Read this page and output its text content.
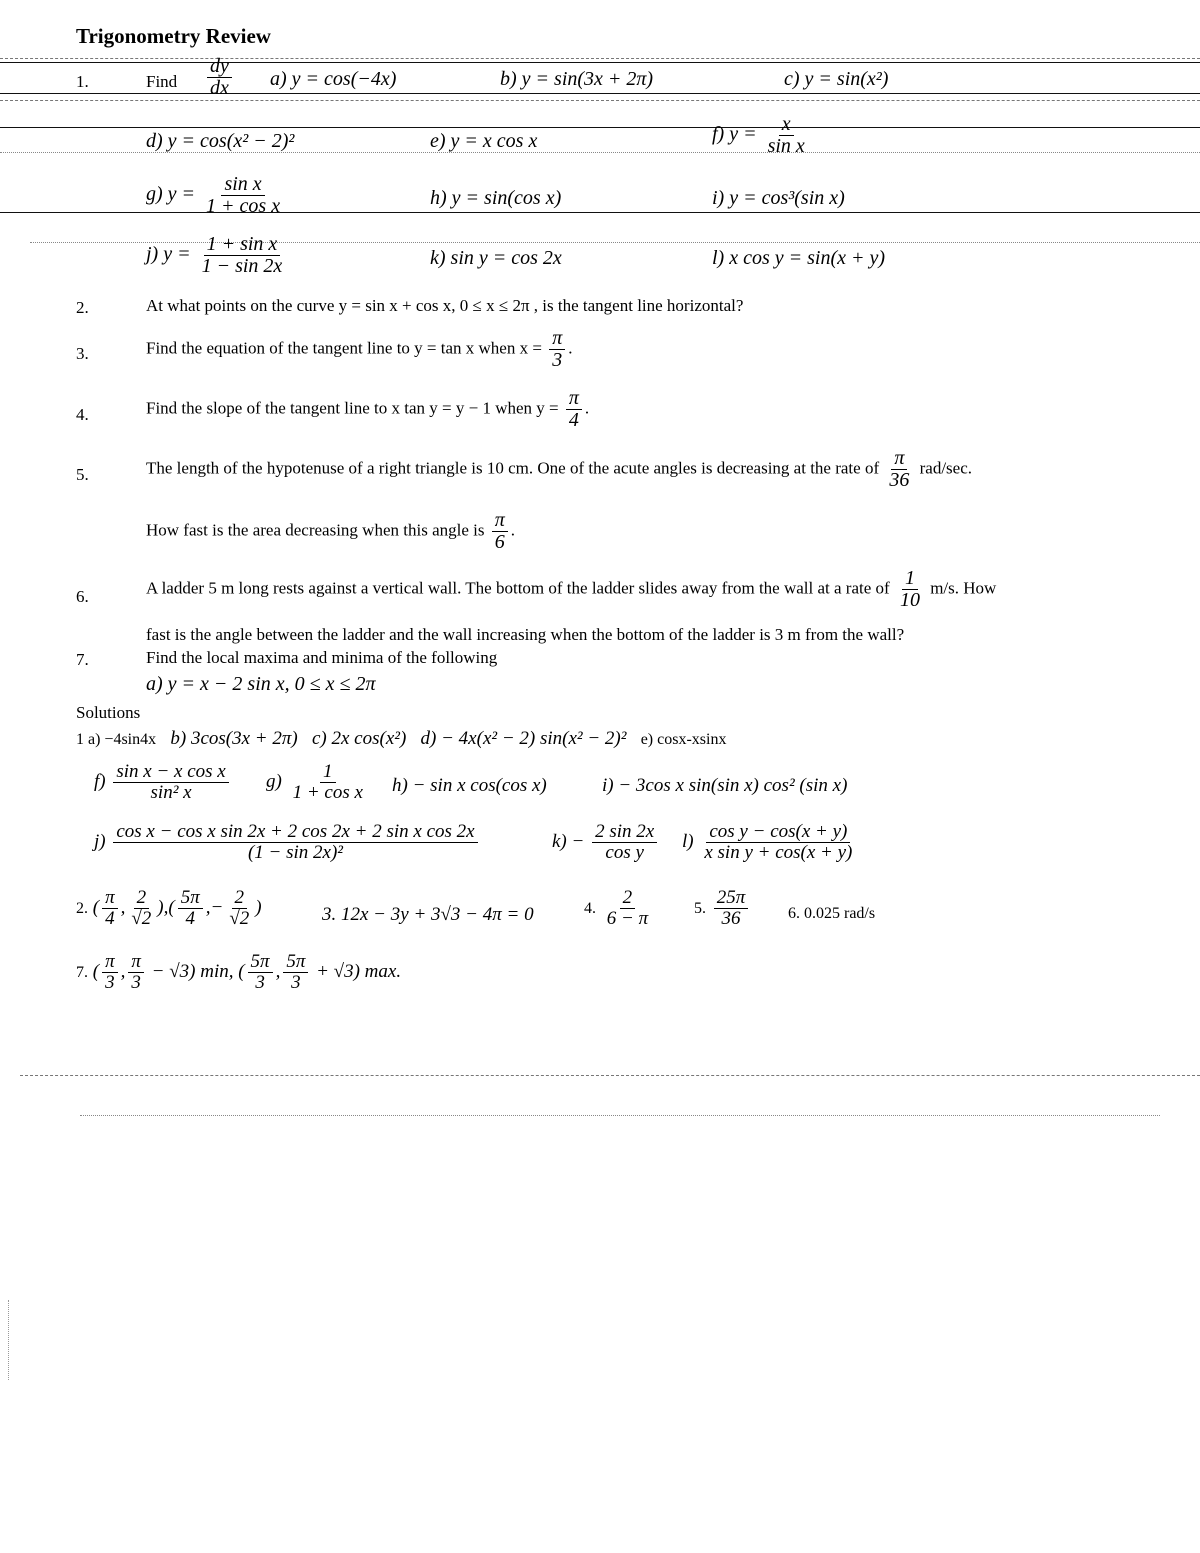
Trigonometry Review
1.	Find $\frac{dy}{dx} a$) y = cos(−4x)	b) y = sin(3x + 2π)	c) y = sin(x²)
d) y = cos(x² − 2)²	e) y = x cos x	f) $y = \frac{x}{\text{sin x}}$
g) $y = \frac{\text{sin x}}{\text{1 + cos x}}$	h) y = sin(cos x)	i) y = cos³(sin x)
j) $y = \frac{\text{1 + sin x}}{1 - \sin 2x}$	k) sin y = cos 2x	l) x cos y = sin(x + y)
2.	At what points on the curve y = sin x + cos x, 0 ≤ x ≤ 2π , is the tangent line horizontal?
3.	Find the equation of the tangent line to y = tan x when $x = \frac{\pi}{3}$ .
4.	Find the slope of the tangent line to x tan y = y − 1 when $y = \frac{\pi}{4}$ .
5.	The length of the hypotenuse of a right triangle is 10 cm. One of the acute angles is decreasing at the rate of $\frac{\pi}{36} rad/\sec$.
How fast is the area decreasing when this angle is $\frac{\pi}{6}$ .
6.	A ladder 5 m long rests against a vertical wall. The bottom of the ladder slides away from the wall at a rate of $\frac{1}{10} m/s$. How
fast is the angle between the ladder and the wall increasing when the bottom of the ladder is 3 m from the wall?
7.	Find the local maxima and minima of the following
a) y = x − 2 sin x, 0 ≤ x ≤ 2π
Solutions
1 a) −4sin4x b) 3cos(3x + 2π) c) 2x cos(x²) d) − 4x(x² − 2) sin(x² − 2)² e) cosx-xsinx
$f) \frac{\text{sin x − x cos x}}{\text{sin² x}} g) \frac{1}{\text{1 + cos x}} h) - \sin x$ cos(cos x)	i) − 3cos x sin(sin x) cos² (sin x)
$j) \frac{\text{cos x − cos x sin 2x + 2 cos 2x + 2 sin x cos 2x}}{\text{(1 − sin 2x)²}}$	$k) - \frac{2 \sin 2x}{\text{cos y}} l) \frac{\text{cos y − cos(x + y)}}{\text{x sin y + cos(x + y)}}$
2. ( $\frac{\pi}{4}$ , $\frac{2}{√2}$ ),( $\frac{5\pi}{4}$ ,− $\frac{2}{√2}$ )	3. 12x − 3y + 3√3 − 4π = 0	4. $\frac{2}{6 - \pi}$	5. $\frac{25\pi}{36} 6$. 0.025 rad/s
7. ( $\frac{\pi}{3}$ , $\frac{\pi}{3} - √3$) min, ( $\frac{5\pi}{3}$ , $\frac{5\pi}{3} + √3$) max.
